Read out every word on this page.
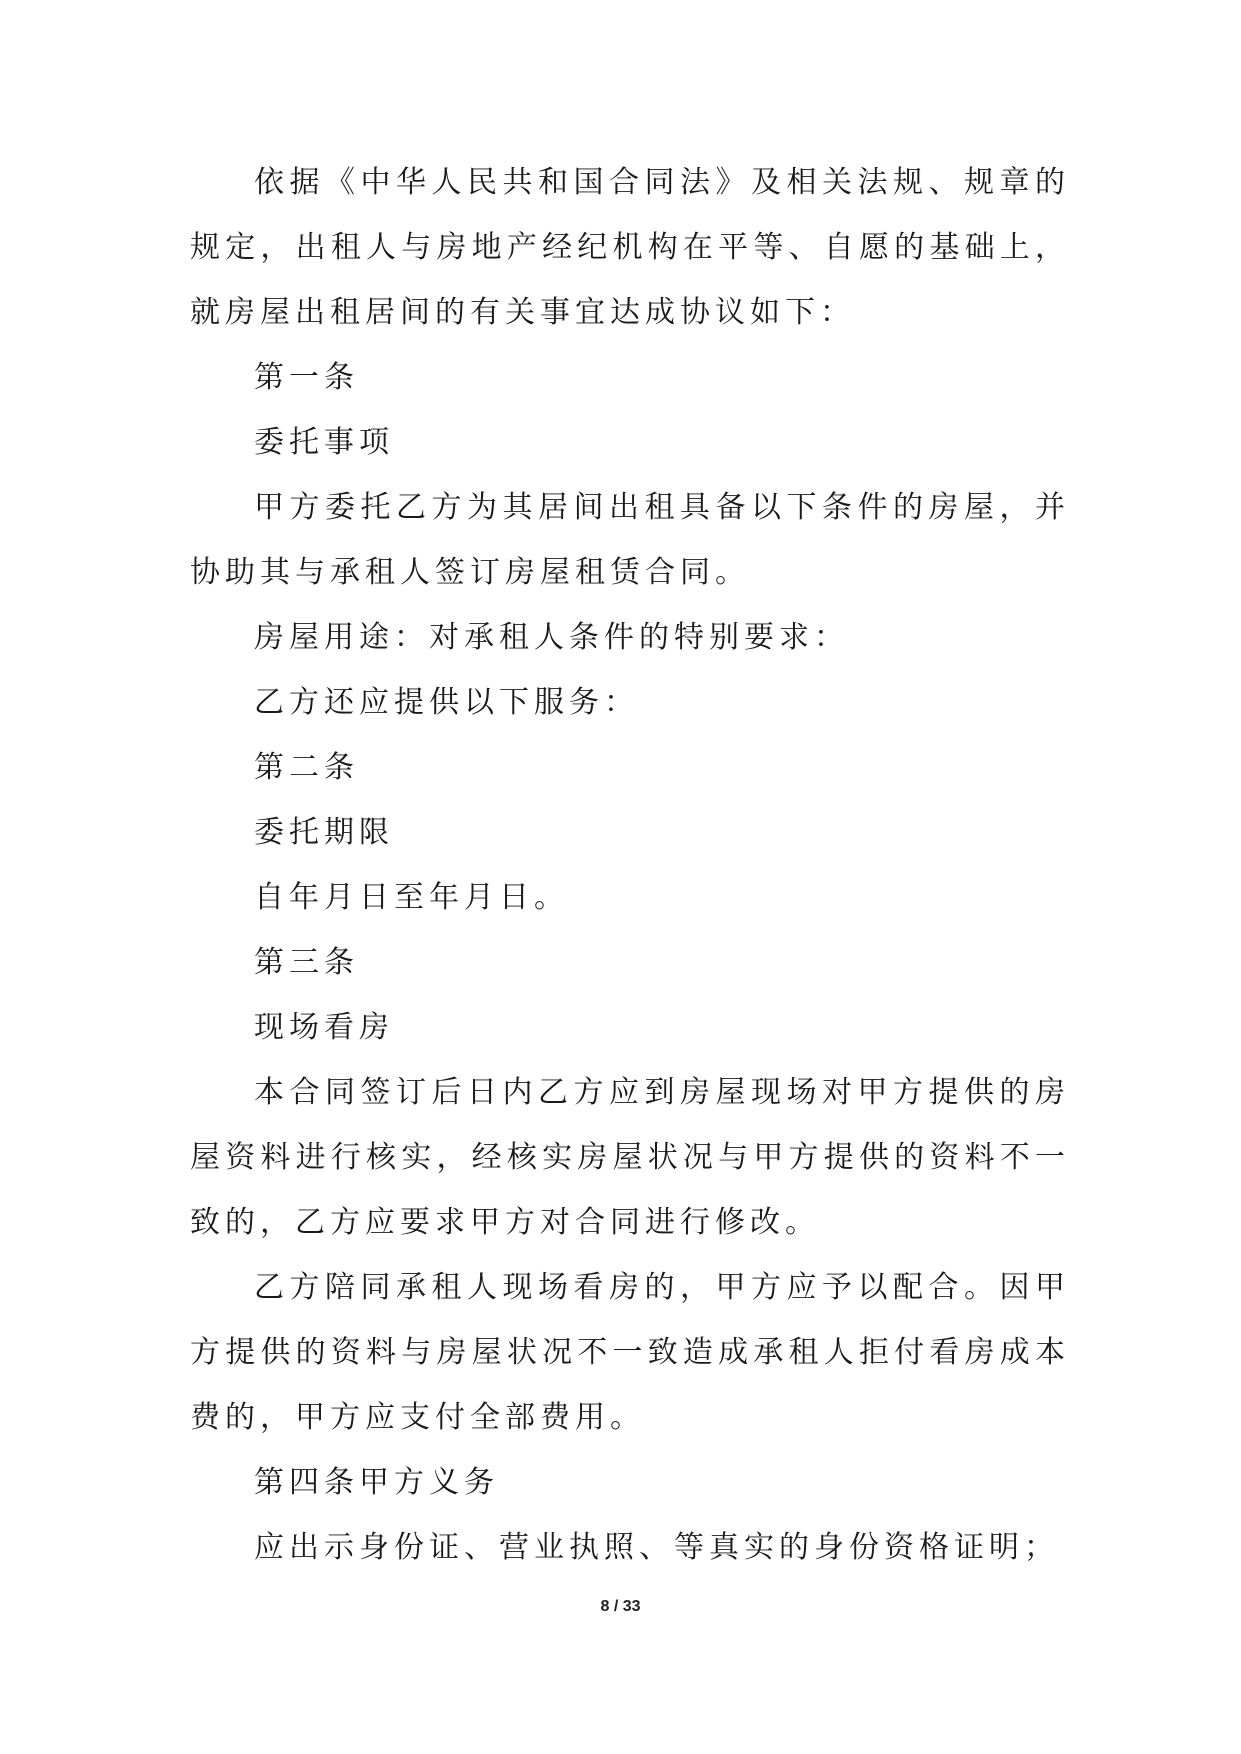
依据《中华人民共和国合同法》及相关法规、规章的规定，出租人与房地产经纪机构在平等、自愿的基础上，就房屋出租居间的有关事宜达成协议如下：

第一条

委托事项

甲方委托乙方为其居间出租具备以下条件的房屋，并协助其与承租人签订房屋租赁合同。

房屋用途：对承租人条件的特别要求：

乙方还应提供以下服务：

第二条

委托期限

自年月日至年月日。

第三条

现场看房

本合同签订后日内乙方应到房屋现场对甲方提供的房屋资料进行核实，经核实房屋状况与甲方提供的资料不一致的，乙方应要求甲方对合同进行修改。

乙方陪同承租人现场看房的，甲方应予以配合。因甲方提供的资料与房屋状况不一致造成承租人拒付看房成本费的，甲方应支付全部费用。

第四条甲方义务

应出示身份证、营业执照、等真实的身份资格证明；

8 / 33
